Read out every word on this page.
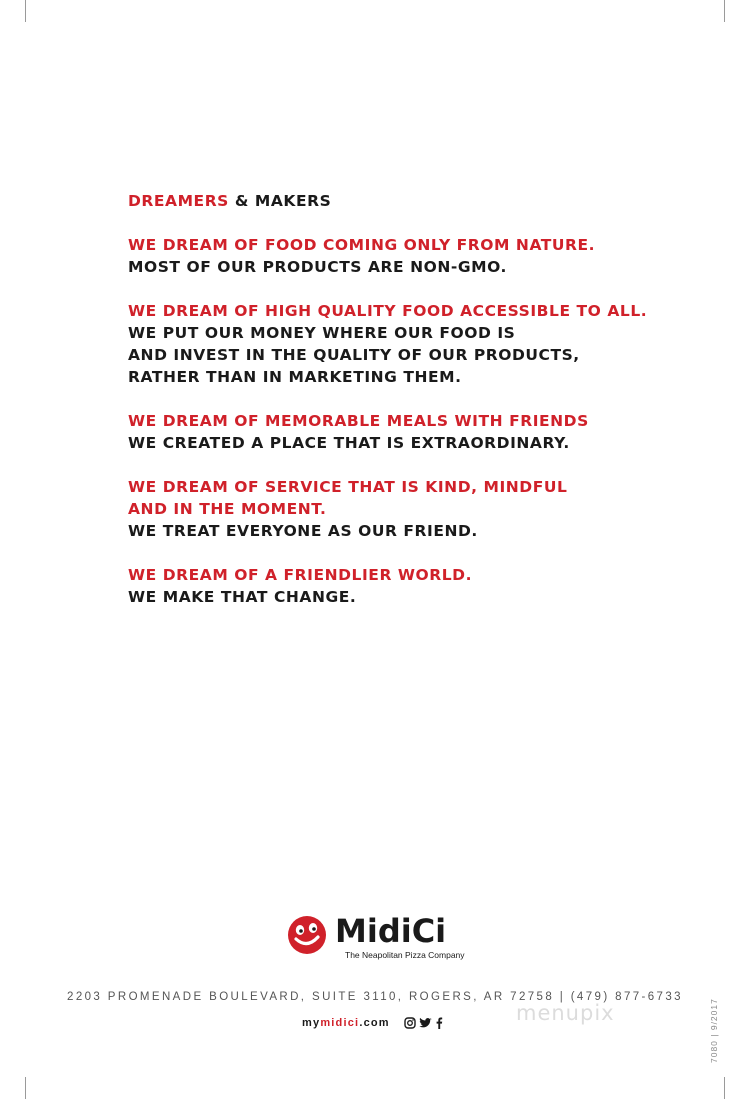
DREAMERS & MAKERS
WE DREAM OF FOOD COMING ONLY FROM NATURE.
MOST OF OUR PRODUCTS ARE NON-GMO.
WE DREAM OF HIGH QUALITY FOOD ACCESSIBLE TO ALL.
WE PUT OUR MONEY WHERE OUR FOOD IS
AND INVEST IN THE QUALITY OF OUR PRODUCTS,
RATHER THAN IN MARKETING THEM.
WE DREAM OF MEMORABLE MEALS WITH FRIENDS
WE CREATED A PLACE THAT IS EXTRAORDINARY.
WE DREAM OF SERVICE THAT IS KIND, MINDFUL
AND IN THE MOMENT.
WE TREAT EVERYONE AS OUR FRIEND.
WE DREAM OF A FRIENDLIER WORLD.
WE MAKE THAT CHANGE.
MidiCi
The Neapolitan Pizza Company
2203 PROMENADE BOULEVARD, SUITE 3110, ROGERS, AR 72758 | (479) 877-6733
mymidici.com	menupix	7080 | 9/2017
